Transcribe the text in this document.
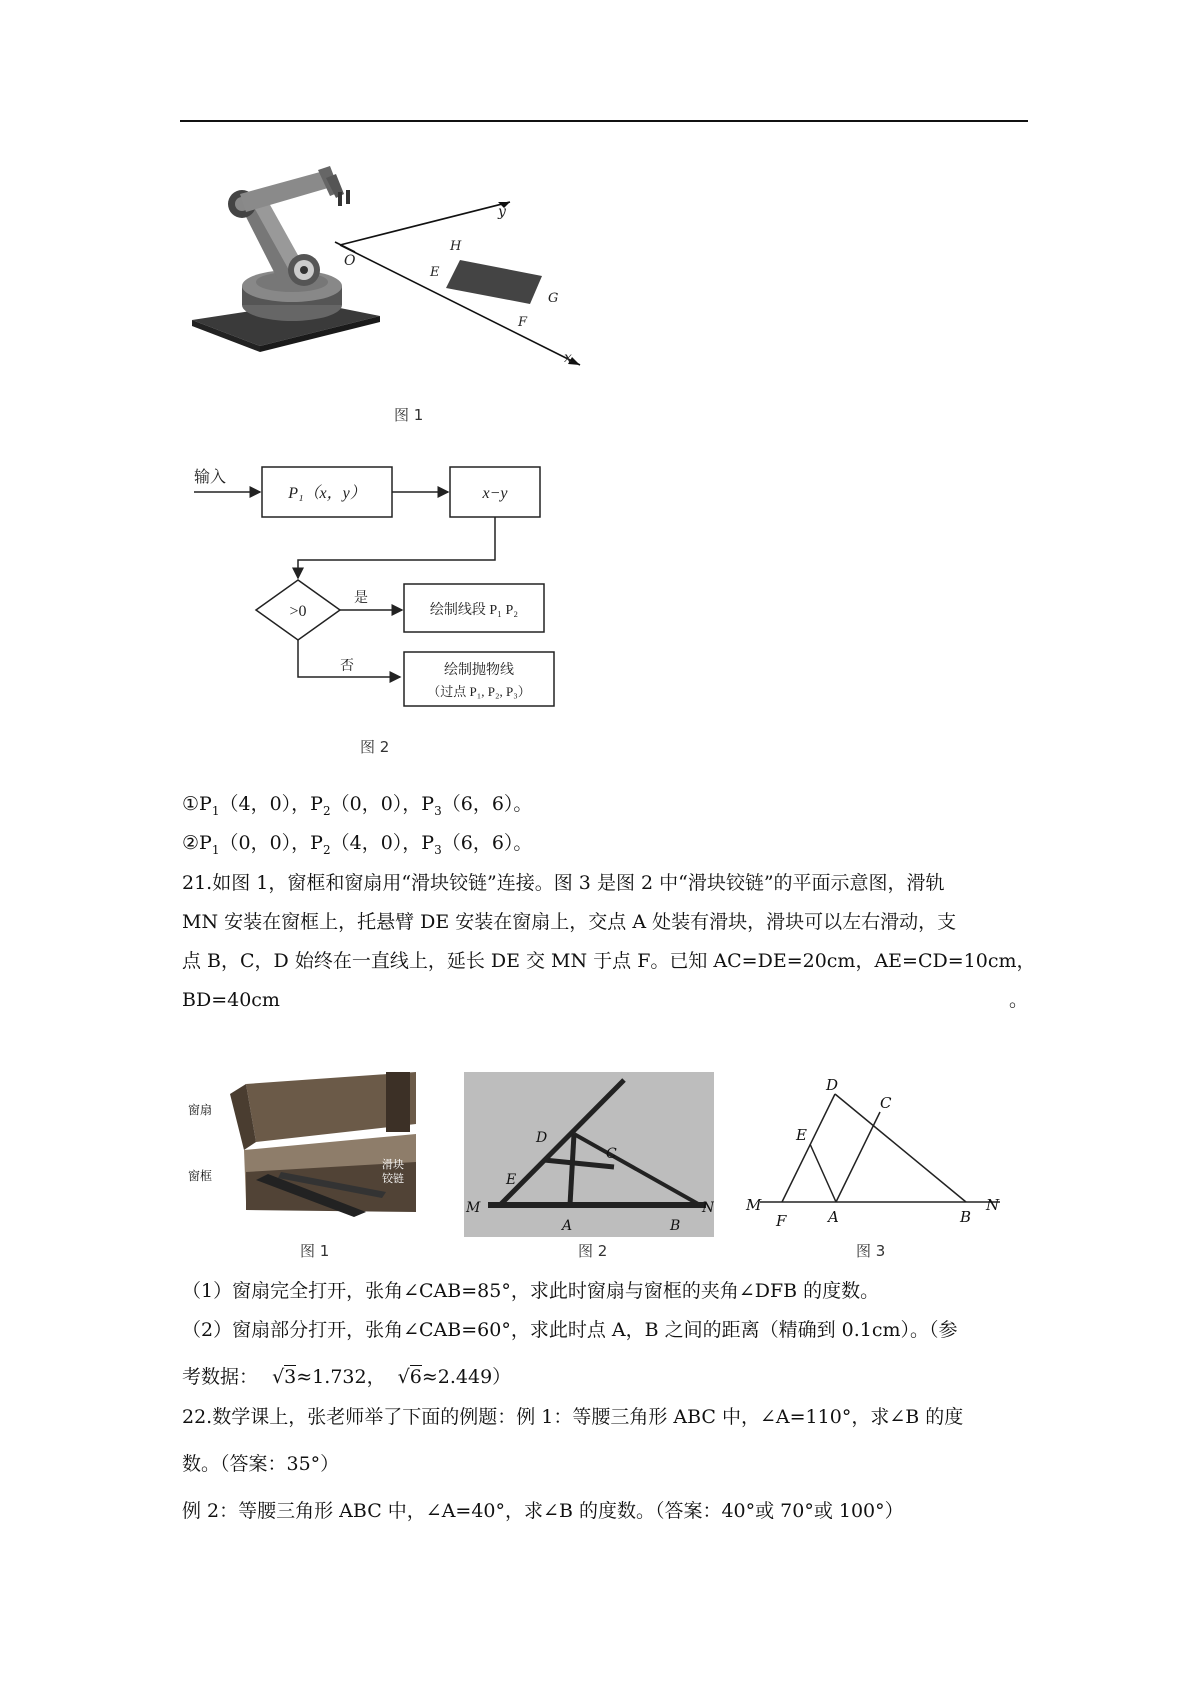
O
y
x
H
E
G
F
图 1
输入
P₁（x，y）	x−y
>0
是
绘制线段 P₁ P₂
否	绘制抛物线
（过点 P₁, P₂, P₃）
图 2
$①P_1(4$，0），$P_2(0$，0），$P_3(6$，6）。
$②P_1(0$，0），$P_2(4$，0），$P_3(6$，6）。
21.如图 1，窗框和窗扇用“滑块铰链”连接。图 3 是图 2 中“滑块铰链”的平面示意图，滑轨
MN 安装在窗框上，托悬臂 DE 安装在窗扇上，交点 A 处装有滑块，滑块可以左右滑动，支
点 B，C，D 始终在一直线上，延长 DE 交 MN 于点 F。已知 AC=DE=20cm，AE=CD=10cm，
BD=40cm	。
窗扇
窗框
滑块
铰链
图 1
D
C
E
M	N
A	B
图 2
D
C
E
M
F	A	B
N
图 3
（1）窗扇完全打开，张角∠CAB=85°，求此时窗扇与窗框的夹角∠DFB 的度数。
（2）窗扇部分打开，张角∠CAB=60°，求此时点 A，B 之间的距离（精确到 0.1cm）。（参
考数据： √3≈1.732， √6≈2.449）
22.数学课上，张老师举了下面的例题：例 1：等腰三角形 ABC 中，∠A=110°，求∠B 的度
数。（答案：35°）
例 2：等腰三角形 ABC 中，∠A=40°，求∠B 的度数。（答案：40°或 70°或 100°）
